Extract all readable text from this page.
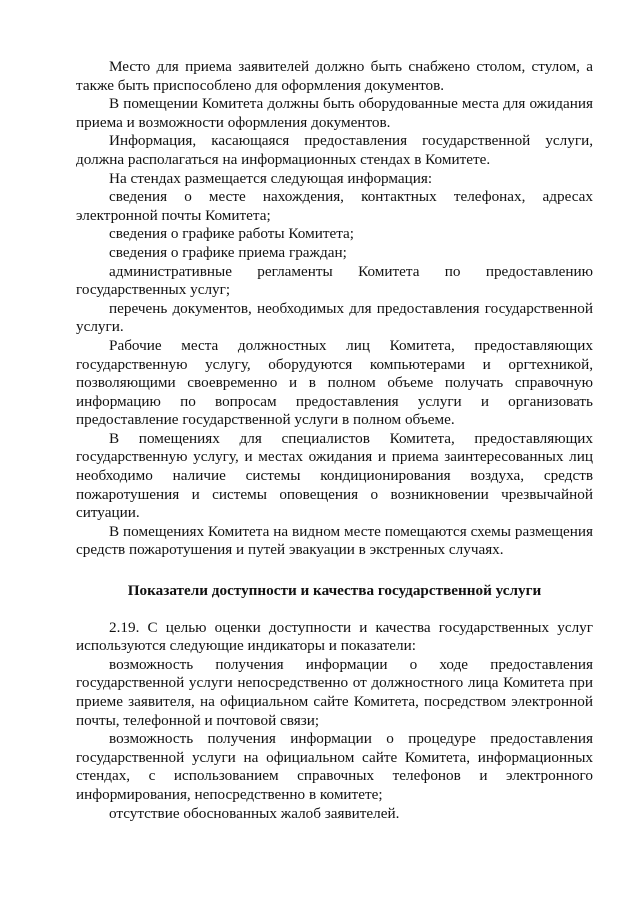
Место для приема заявителей должно быть снабжено столом, стулом, а также быть приспособлено для оформления документов.

В помещении Комитета должны быть оборудованные места для ожидания приема и возможности оформления документов.

Информация, касающаяся предоставления государственной услуги, должна располагаться на информационных стендах в Комитете.

На стендах размещается следующая информация:

сведения о месте нахождения, контактных телефонах, адресах электронной почты Комитета;

сведения о графике работы Комитета;

сведения о графике приема граждан;

административные регламенты Комитета по предоставлению государственных услуг;

перечень документов, необходимых для предоставления государственной услуги.

Рабочие места должностных лиц Комитета, предоставляющих государственную услугу, оборудуются компьютерами и оргтехникой, позволяющими своевременно и в полном объеме получать справочную информацию по вопросам предоставления услуги и организовать предоставление государственной услуги в полном объеме.

В помещениях для специалистов Комитета, предоставляющих государственную услугу, и местах ожидания и приема заинтересованных лиц необходимо наличие системы кондиционирования воздуха, средств пожаротушения и системы оповещения о возникновении чрезвычайной ситуации.

В помещениях Комитета на видном месте помещаются схемы размещения средств пожаротушения и путей эвакуации в экстренных случаях.

Показатели доступности и качества государственной услуги

2.19. С целью оценки доступности и качества государственных услуг используются следующие индикаторы и показатели:

возможность получения информации о ходе предоставления государственной услуги непосредственно от должностного лица Комитета при приеме заявителя, на официальном сайте Комитета, посредством электронной почты, телефонной и почтовой связи;

возможность получения информации о процедуре предоставления государственной услуги на официальном сайте Комитета, информационных стендах, с использованием справочных телефонов и электронного информирования, непосредственно в комитете;

отсутствие обоснованных жалоб заявителей.
